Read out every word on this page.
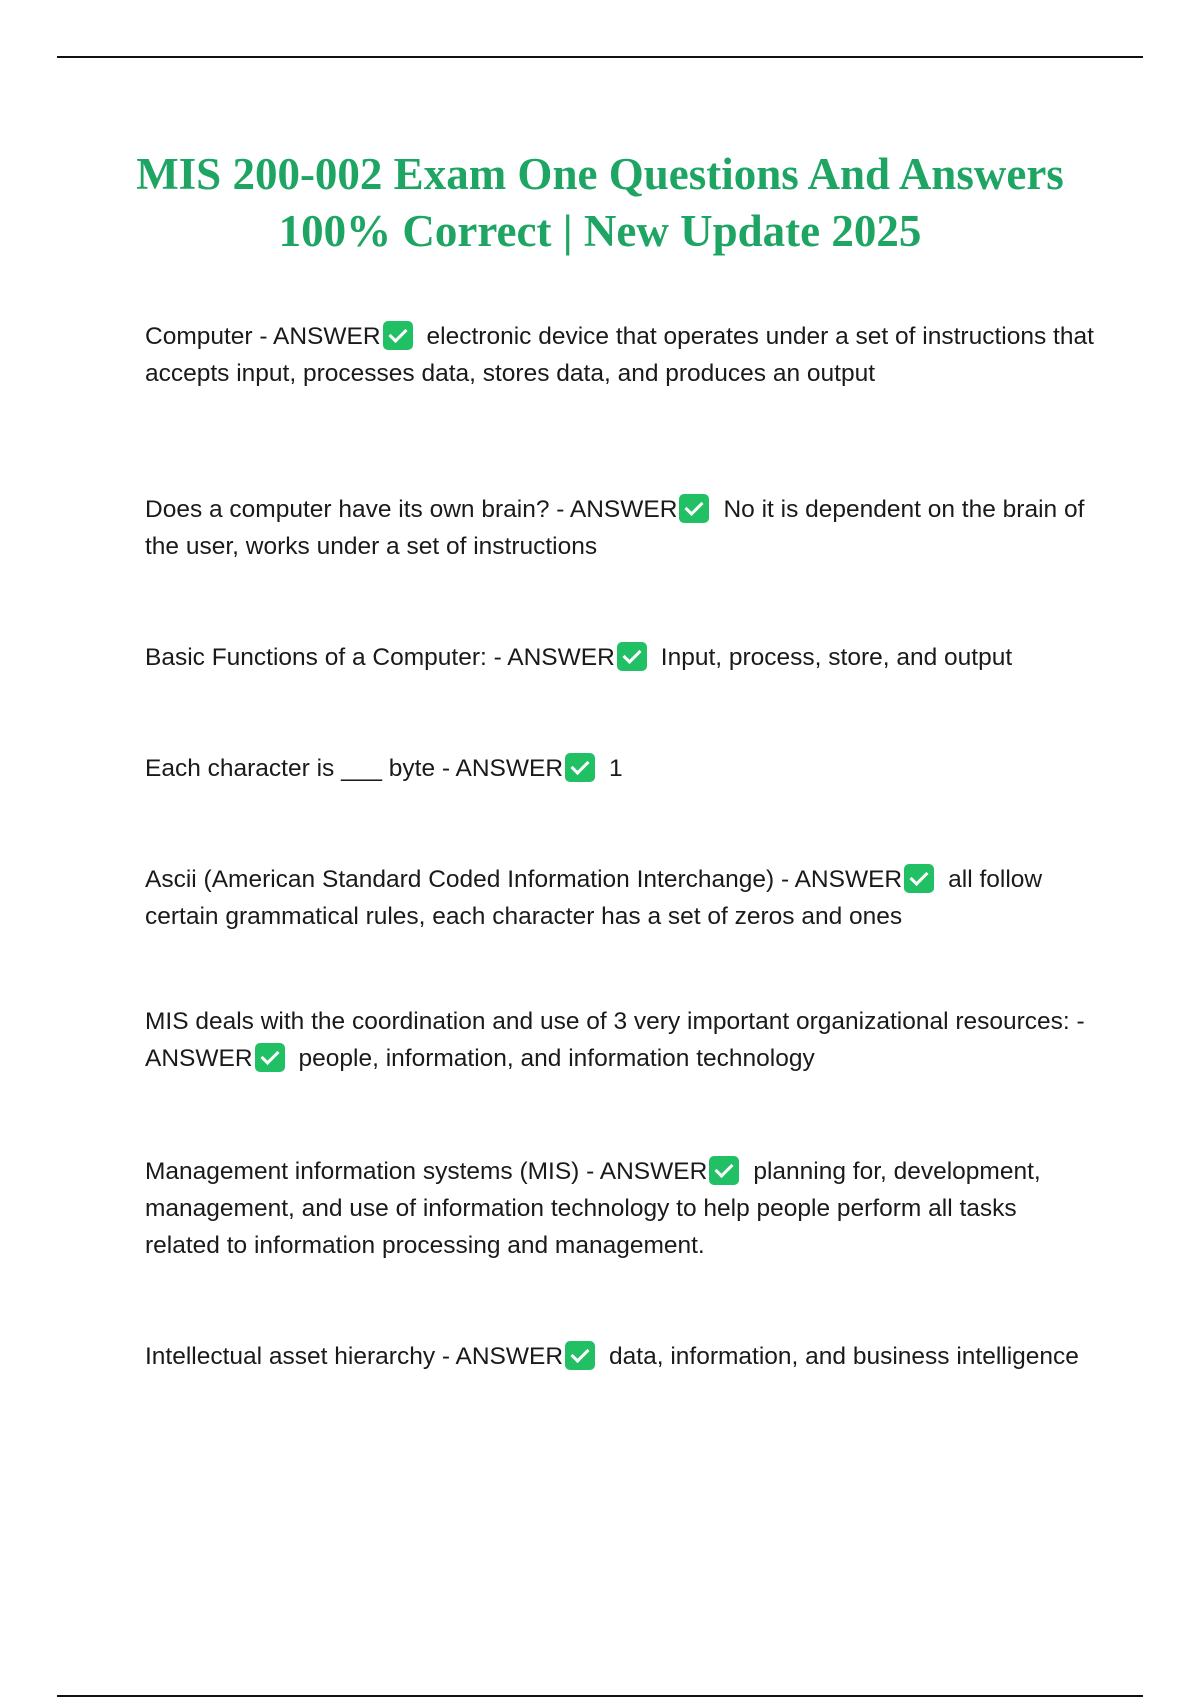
MIS 200-002 Exam One Questions And Answers 100% Correct | New Update 2025

Computer - ANSWER electronic device that operates under a set of instructions that accepts input, processes data, stores data, and produces an output

Does a computer have its own brain? - ANSWER No it is dependent on the brain of the user, works under a set of instructions

Basic Functions of a Computer: - ANSWER Input, process, store, and output

Each character is ___ byte - ANSWER 1

Ascii (American Standard Coded Information Interchange) - ANSWER all follow certain grammatical rules, each character has a set of zeros and ones

MIS deals with the coordination and use of 3 very important organizational resources: - ANSWER people, information, and information technology

Management information systems (MIS) - ANSWER planning for, development, management, and use of information technology to help people perform all tasks related to information processing and management.

Intellectual asset hierarchy - ANSWER data, information, and business intelligence
